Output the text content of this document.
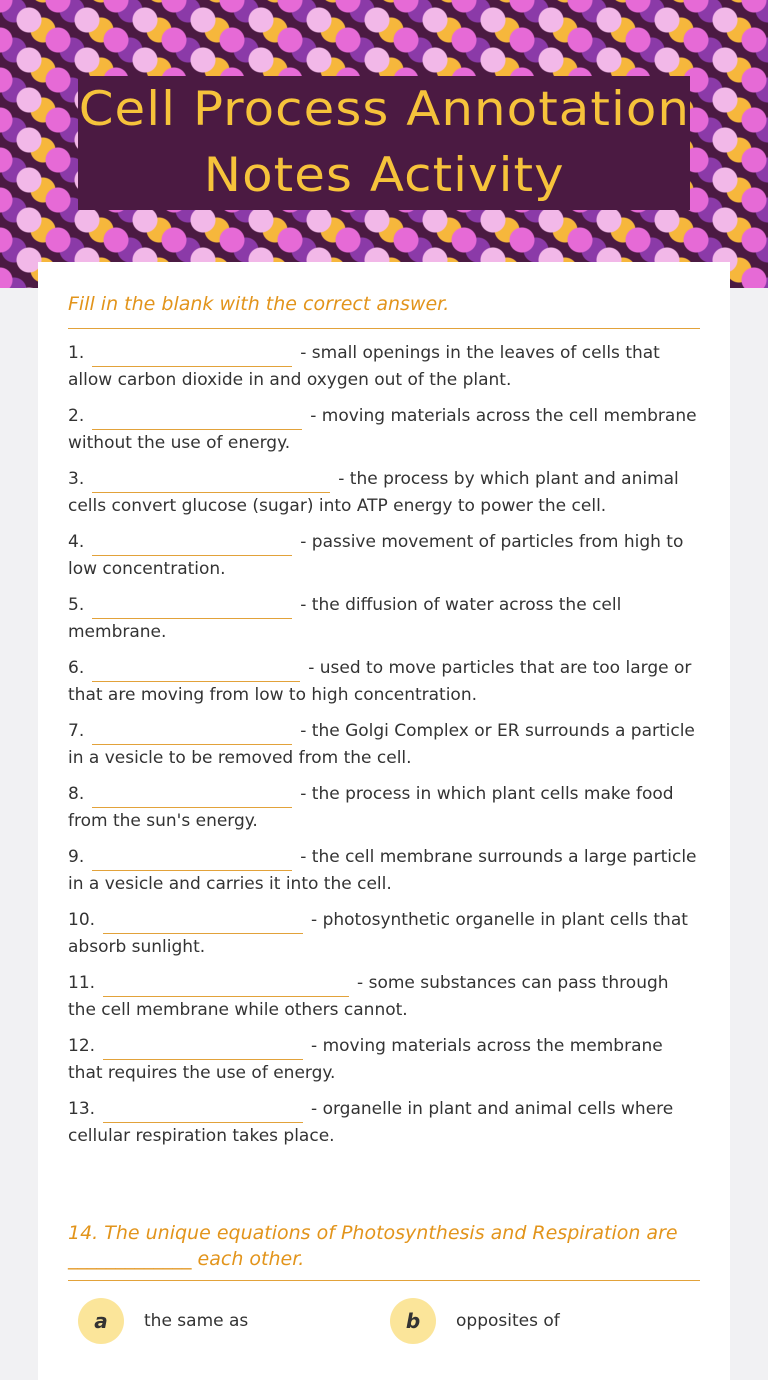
Cell Process Annotation
Notes Activity
Fill in the blank with the correct answer.
1.	- small openings in the leaves of cells that allow carbon dioxide in and oxygen out of the plant.
2.	- moving materials across the cell membrane without the use of energy.
3.	- the process by which plant and animal cells convert glucose (sugar) into ATP energy to power the cell.
4.	- passive movement of particles from high to low concentration.
5.	- the diffusion of water across the cell membrane.
6.	- used to move particles that are too large or that are moving from low to high concentration.
7.	- the Golgi Complex or ER surrounds a particle in a vesicle to be removed from the cell.
8.	- the process in which plant cells make food from the sun's energy.
9.	- the cell membrane surrounds a large particle in a vesicle and carries it into the cell.
10.	- photosynthetic organelle in plant cells that absorb sunlight.
11.	- some substances can pass through the cell membrane while others cannot.
12.	- moving materials across the membrane that requires the use of energy.
13.	- organelle in plant and animal cells where cellular respiration takes place.
14. The unique equations of Photosynthesis and Respiration are _____________ each other.
a	the same as	b	opposites of
